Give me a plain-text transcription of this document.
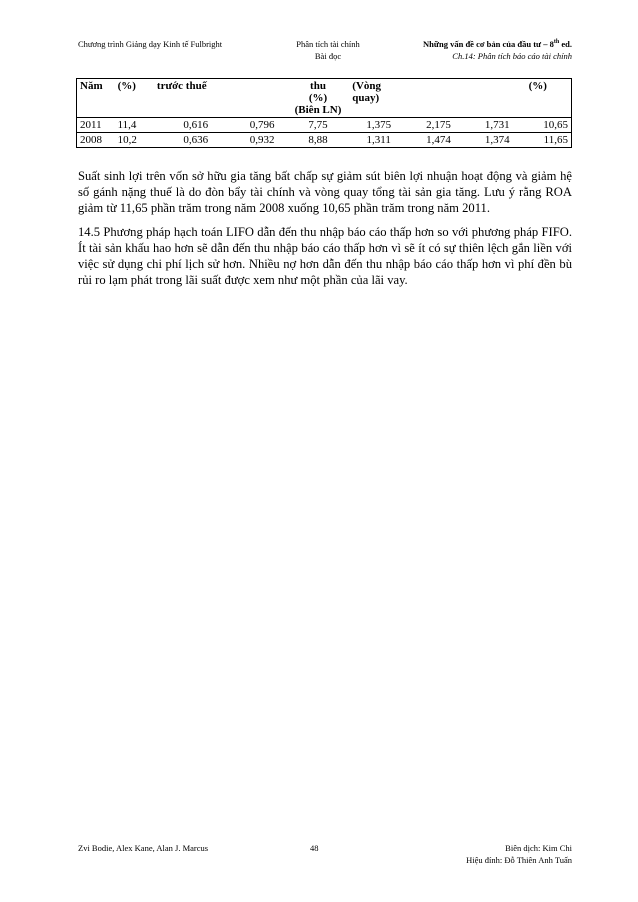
Chương trình Giảng dạy Kinh tế Fulbright	Phân tích tài chính
Bài đọc
Những vấn đề cơ bản của đầu tư – 8th ed.
Ch.14: Phân tích báo cáo tài chính
Năm	(%)	trước thuế		thu
(%)
(Biên LN)	(Vòng
quay)			(%)
2011	11,4	0,616	0,796	7,75	1,375	2,175	1,731	10,65
2008	10,2	0,636	0,932	8,88	1,311	1,474	1,374	11,65

Suất sinh lợi trên vốn sở hữu gia tăng bất chấp sự giảm sút biên lợi nhuận hoạt động và giảm hệ số gánh nặng thuế là do đòn bẩy tài chính và vòng quay tổng tài sản gia tăng. Lưu ý rằng ROA giảm từ 11,65 phần trăm trong năm 2008 xuống 10,65 phần trăm trong năm 2011.

14.5 Phương pháp hạch toán LIFO dẫn đến thu nhập báo cáo thấp hơn so với phương pháp FIFO. Ít tài sản khấu hao hơn sẽ dẫn đến thu nhập báo cáo thấp hơn vì sẽ ít có sự thiên lệch gắn liền với việc sử dụng chi phí lịch sử hơn. Nhiều nợ hơn dẫn đến thu nhập báo cáo thấp hơn vì phí đền bù rủi ro lạm phát trong lãi suất được xem như một phần của lãi vay.

Zvi Bodie, Alex Kane, Alan J. Marcus	48	Biên dịch: Kim Chi
Hiệu đính: Đỗ Thiên Anh Tuấn
